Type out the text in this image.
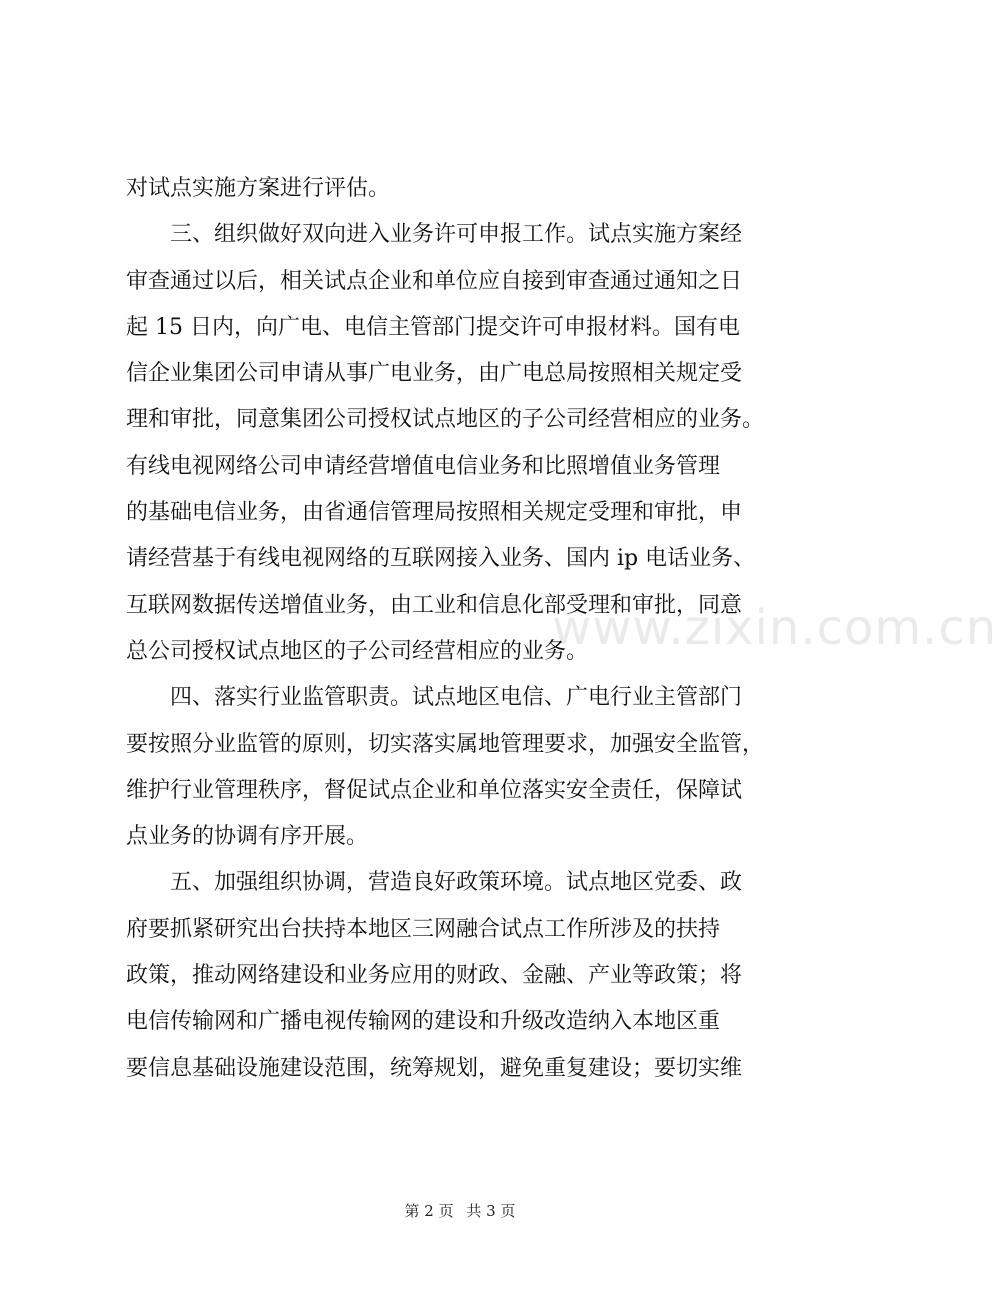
对试点实施方案进行评估。
三、组织做好双向进入业务许可申报工作。试点实施方案经
审查通过以后，相关试点企业和单位应自接到审查通过通知之日
起 15 日内，向广电、电信主管部门提交许可申报材料。国有电
信企业集团公司申请从事广电业务，由广电总局按照相关规定受
理和审批，同意集团公司授权试点地区的子公司经营相应的业务。
有线电视网络公司申请经营增值电信业务和比照增值业务管理
的基础电信业务，由省通信管理局按照相关规定受理和审批，申
请经营基于有线电视网络的互联网接入业务、国内 ip 电话业务、
互联网数据传送增值业务，由工业和信息化部受理和审批，同意
总公司授权试点地区的子公司经营相应的业务。
四、落实行业监管职责。试点地区电信、广电行业主管部门
要按照分业监管的原则，切实落实属地管理要求，加强安全监管，
维护行业管理秩序，督促试点企业和单位落实安全责任，保障试
点业务的协调有序开展。
五、加强组织协调，营造良好政策环境。试点地区党委、政
府要抓紧研究出台扶持本地区三网融合试点工作所涉及的扶持
政策，推动网络建设和业务应用的财政、金融、产业等政策；将
电信传输网和广播电视传输网的建设和升级改造纳入本地区重
要信息基础设施建设范围，统筹规划，避免重复建设；要切实维
www.zixin.com.cn
第 2 页 共 3 页
